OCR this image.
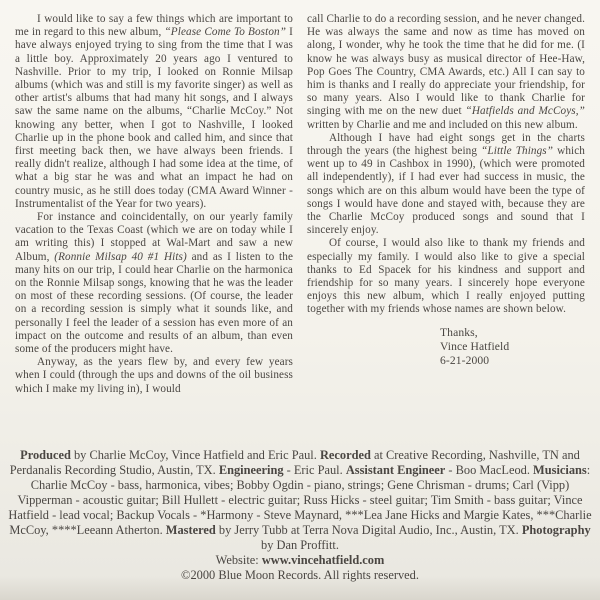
I would like to say a few things which are important to me in regard to this new album, “Please Come To Boston” I have always enjoyed trying to sing from the time that I was a little boy. Approximately 20 years ago I ventured to Nashville. Prior to my trip, I looked on Ronnie Milsap albums (which was and still is my favorite singer) as well as other artist's albums that had many hit songs, and I always saw the same name on the albums, “Charlie McCoy.” Not knowing any better, when I got to Nashville, I looked Charlie up in the phone book and called him, and since that first meeting back then, we have always been friends. I really didn't realize, although I had some idea at the time, of what a big star he was and what an impact he had on country music, as he still does today (CMA Award Winner - Instrumentalist of the Year for two years).

For instance and coincidentally, on our yearly family vacation to the Texas Coast (which we are on today while I am writing this) I stopped at Wal-Mart and saw a new Album, (Ronnie Milsap 40 #1 Hits) and as I listen to the many hits on our trip, I could hear Charlie on the harmonica on the Ronnie Milsap songs, knowing that he was the leader on most of these recording sessions. (Of course, the leader on a recording session is simply what it sounds like, and personally I feel the leader of a session has even more of an impact on the outcome and results of an album, than even some of the producers might have.

Anyway, as the years flew by, and every few years when I could (through the ups and downs of the oil business which I make my living in), I would

call Charlie to do a recording session, and he never changed. He was always the same and now as time has moved on along, I wonder, why he took the time that he did for me. (I know he was always busy as musical director of Hee-Haw, Pop Goes The Country, CMA Awards, etc.) All I can say to him is thanks and I really do appreciate your friendship, for so many years. Also I would like to thank Charlie for singing with me on the new duet “Hatfields and McCoys,” written by Charlie and me and included on this new album.

Although I have had eight songs get in the charts through the years (the highest being “Little Things” which went up to 49 in Cashbox in 1990), (which were promoted all independently), if I had ever had success in music, the songs which are on this album would have been the type of songs I would have done and stayed with, because they are the Charlie McCoy produced songs and sound that I sincerely enjoy.

Of course, I would also like to thank my friends and especially my family. I would also like to give a special thanks to Ed Spacek for his kindness and support and friendship for so many years. I sincerely hope everyone enjoys this new album, which I really enjoyed putting together with my friends whose names are shown below.

Thanks,
Vince Hatfield
6-21-2000

Produced by Charlie McCoy, Vince Hatfield and Eric Paul. Recorded at Creative Recording, Nashville, TN and Perdanalis Recording Studio, Austin, TX. Engineering - Eric Paul. Assistant Engineer - Boo MacLeod. Musicians: Charlie McCoy - bass, harmonica, vibes; Bobby Ogdin - piano, strings; Gene Chrisman - drums; Carl (Vipp) Vipperman - acoustic guitar; Bill Hullett - electric guitar; Russ Hicks - steel guitar; Tim Smith - bass guitar; Vince Hatfield - lead vocal; Backup Vocals - *Harmony - Steve Maynard, ***Lea Jane Hicks and Margie Kates, ***Charlie McCoy, ****Leeann Atherton. Mastered by Jerry Tubb at Terra Nova Digital Audio, Inc., Austin, TX. Photography by Dan Proffitt.

Website: www.vincehatfield.com

©2000 Blue Moon Records. All rights reserved.
